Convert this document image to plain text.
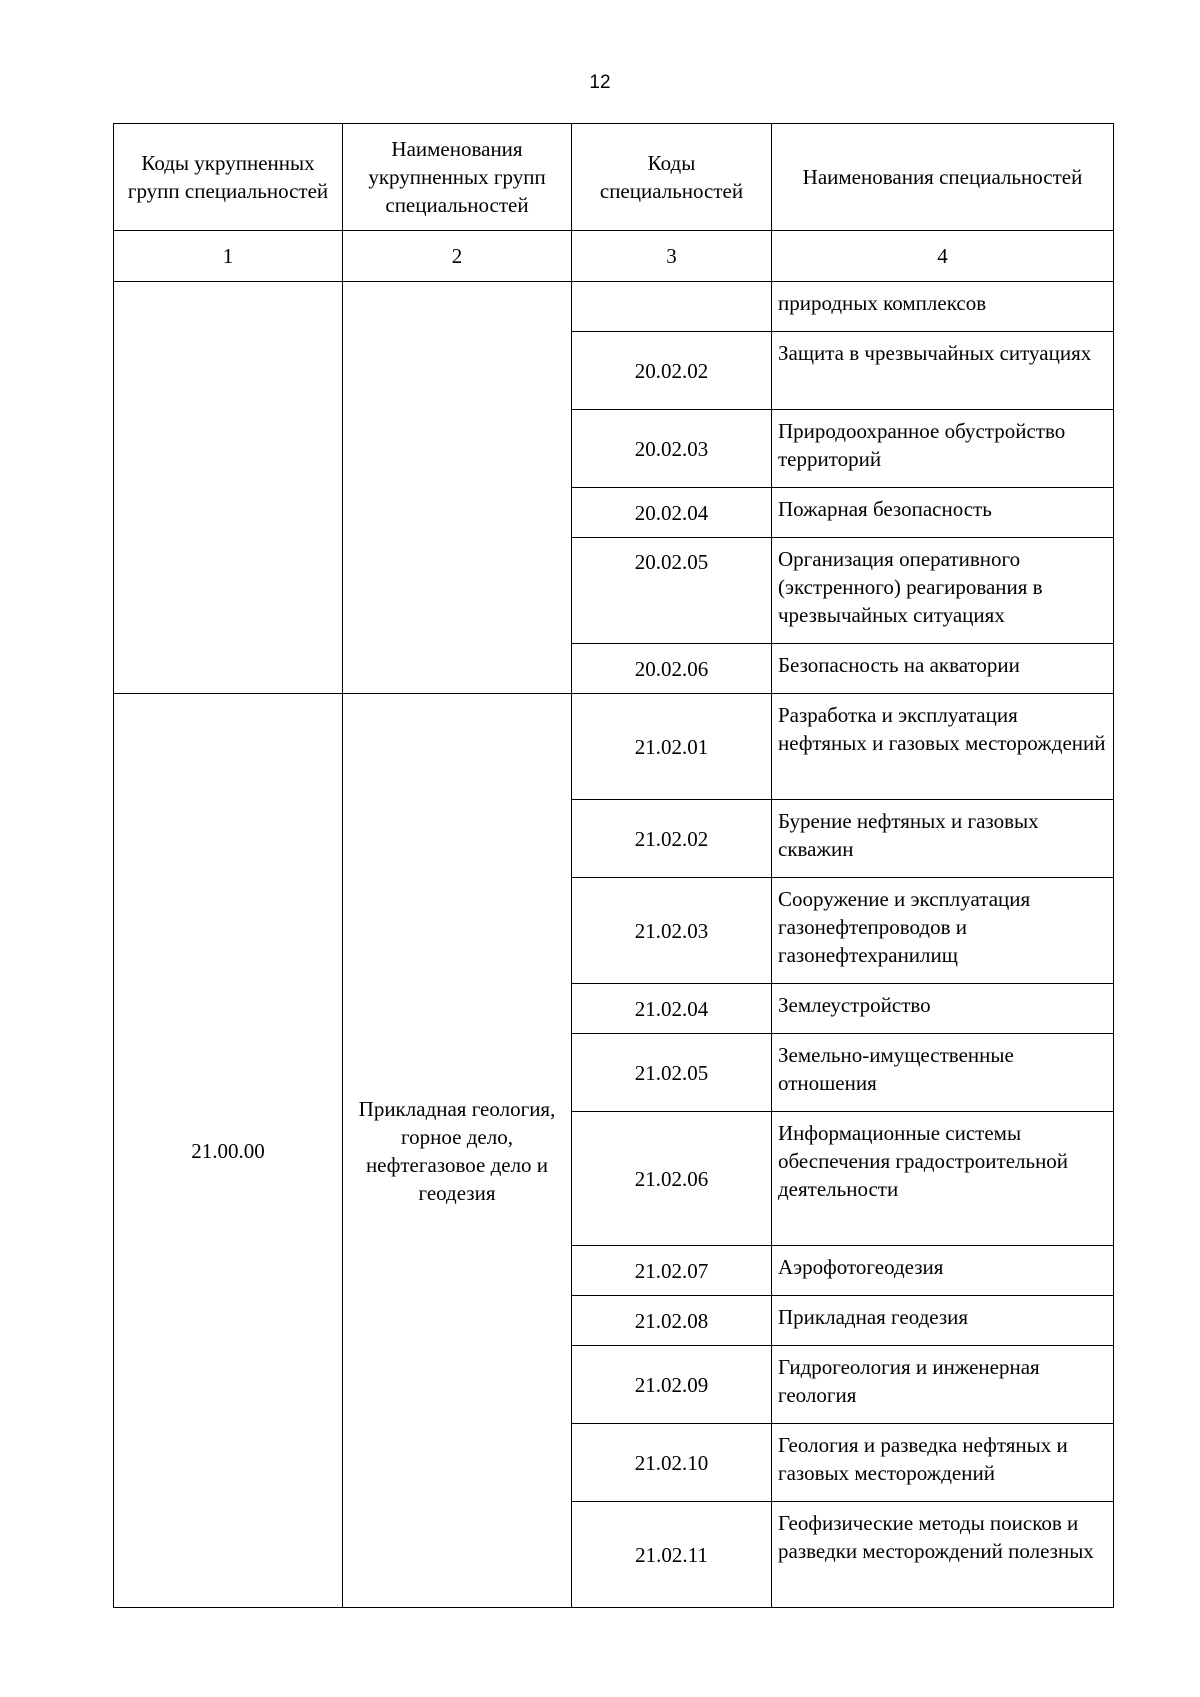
12
Коды укрупненных групп специальностей	Наименования укрупненных групп специальностей	Коды специальностей	Наименования специальностей
1	2	3	4
			природных комплексов
		20.02.02	Защита в чрезвычайных ситуациях
		20.02.03	Природоохранное обустройство территорий
		20.02.04	Пожарная безопасность
		20.02.05	Организация оперативного (экстренного) реагирования в чрезвычайных ситуациях
		20.02.06	Безопасность на акватории
21.00.00	Прикладная геология, горное дело, нефтегазовое дело и геодезия	21.02.01	Разработка и эксплуатация нефтяных и газовых месторождений
		21.02.02	Бурение нефтяных и газовых скважин
		21.02.03	Сооружение и эксплуатация газонефтепроводов и газонефтехранилищ
		21.02.04	Землеустройство
		21.02.05	Земельно-имущественные отношения
		21.02.06	Информационные системы обеспечения градостроительной деятельности
		21.02.07	Аэрофотогеодезия
		21.02.08	Прикладная геодезия
		21.02.09	Гидрогеология и инженерная геология
		21.02.10	Геология и разведка нефтяных и газовых месторождений
		21.02.11	Геофизические методы поисков и разведки месторождений полезных
